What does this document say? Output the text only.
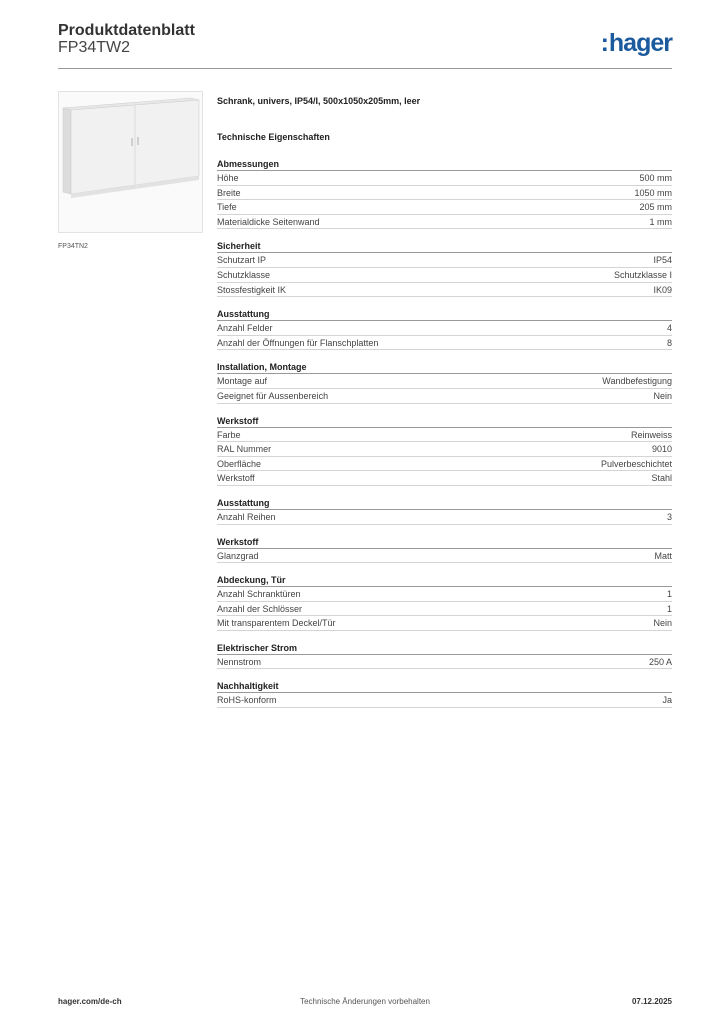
Produktdatenblatt
FP34TW2	:hager
FP34TN2
Schrank, univers, IP54/I, 500x1050x205mm, leer
Technische Eigenschaften
Abmessungen
Höhe	500 mm
Breite	1050 mm
Tiefe	205 mm
Materialdicke Seitenwand	1 mm
Sicherheit
Schutzart IP	IP54
Schutzklasse	Schutzklasse I
Stossfestigkeit IK	IK09
Ausstattung
Anzahl Felder	4
Anzahl der Öffnungen für Flanschplatten	8
Installation, Montage
Montage auf	Wandbefestigung
Geeignet für Aussenbereich	Nein
Werkstoff
Farbe	Reinweiss
RAL Nummer	9010
Oberfläche	Pulverbeschichtet
Werkstoff	Stahl
Ausstattung
Anzahl Reihen	3
Werkstoff
Glanzgrad	Matt
Abdeckung, Tür
Anzahl Schranktüren	1
Anzahl der Schlösser	1
Mit transparentem Deckel/Tür	Nein
Elektrischer Strom
Nennstrom	250 A
Nachhaltigkeit
RoHS-konform	Ja
hager.com/de-ch	Technische Änderungen vorbehalten	07.12.2025
